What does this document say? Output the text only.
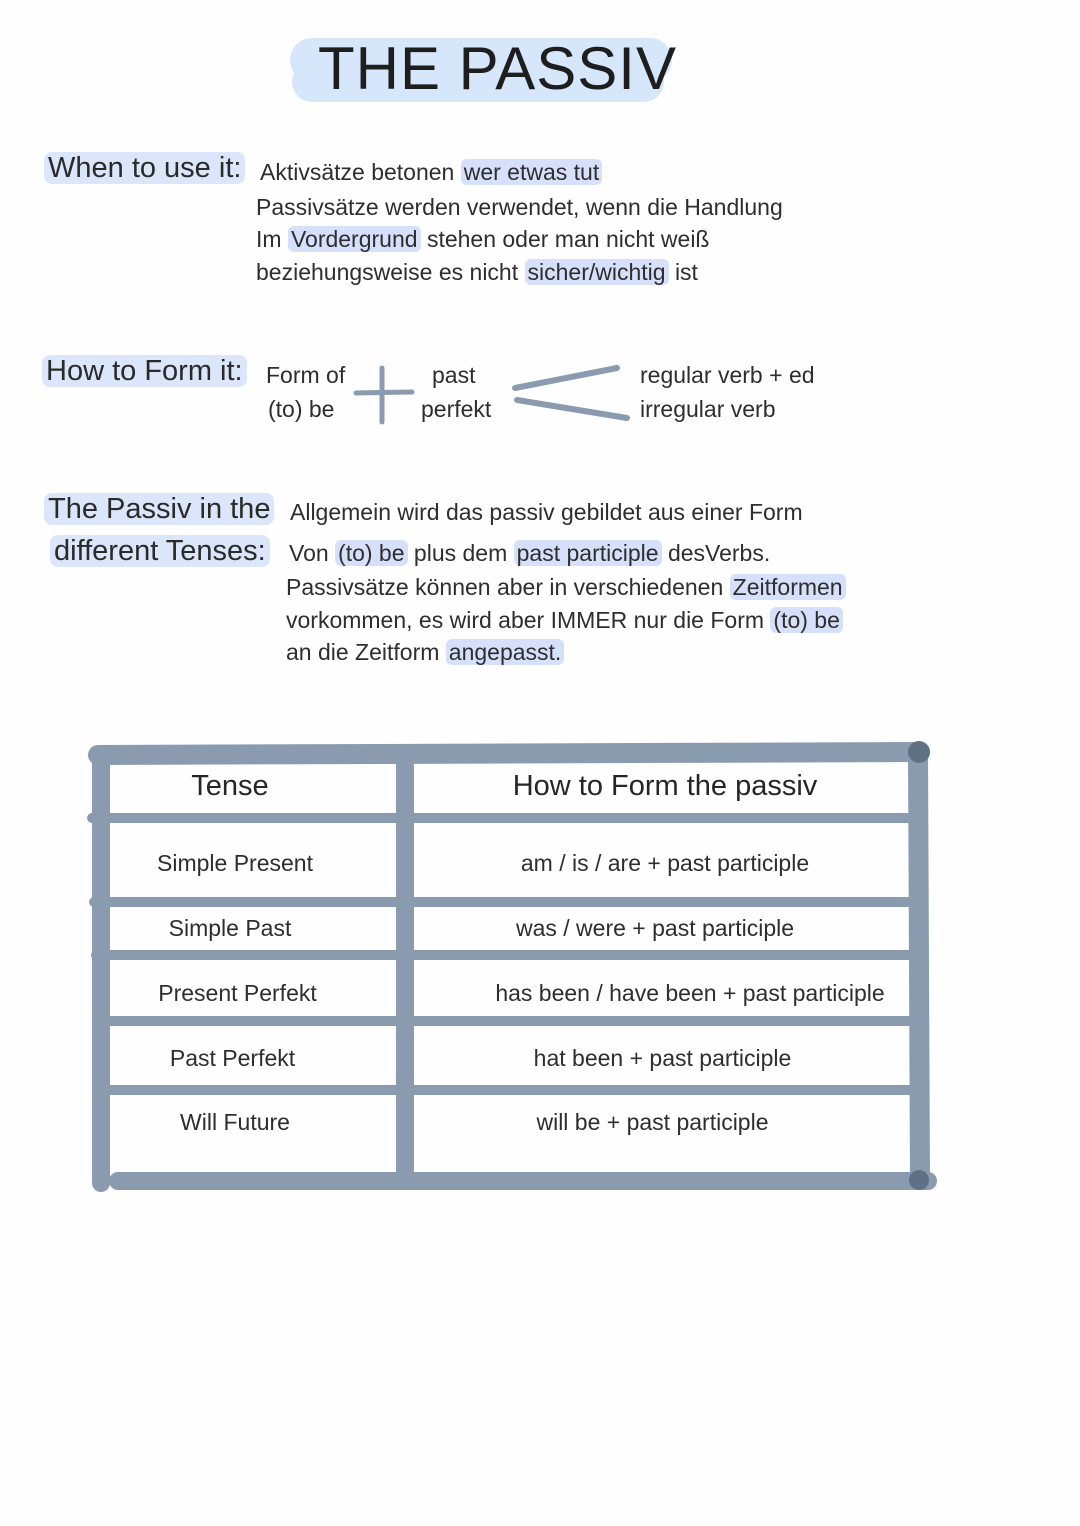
THE PASSIV
When to use it: Aktivsätze betonen wer etwas tut
Passivsätze werden verwendet, wenn die Handlung
Im Vordergrund stehen oder man nicht weiß
beziehungsweise es nicht sicher/wichtig ist
How to Form it: Form of
(to) be
past
perfekt
regular verb + ed
irregular verb
The Passiv in the
different Tenses:
Allgemein wird das passiv gebildet aus einer Form
Von (to) be plus dem past participle desVerbs.
Passivsätze können aber in verschiedenen Zeitformen
vorkommen, es wird aber IMMER nur die Form (to) be
an die Zeitform angepasst.
Tense	How to Form the passiv
Simple Present	am / is / are + past participle
Simple Past	was / were + past participle
Present Perfekt	has been / have been + past participle
Past Perfekt	hat been + past participle
Will Future	will be + past participle
